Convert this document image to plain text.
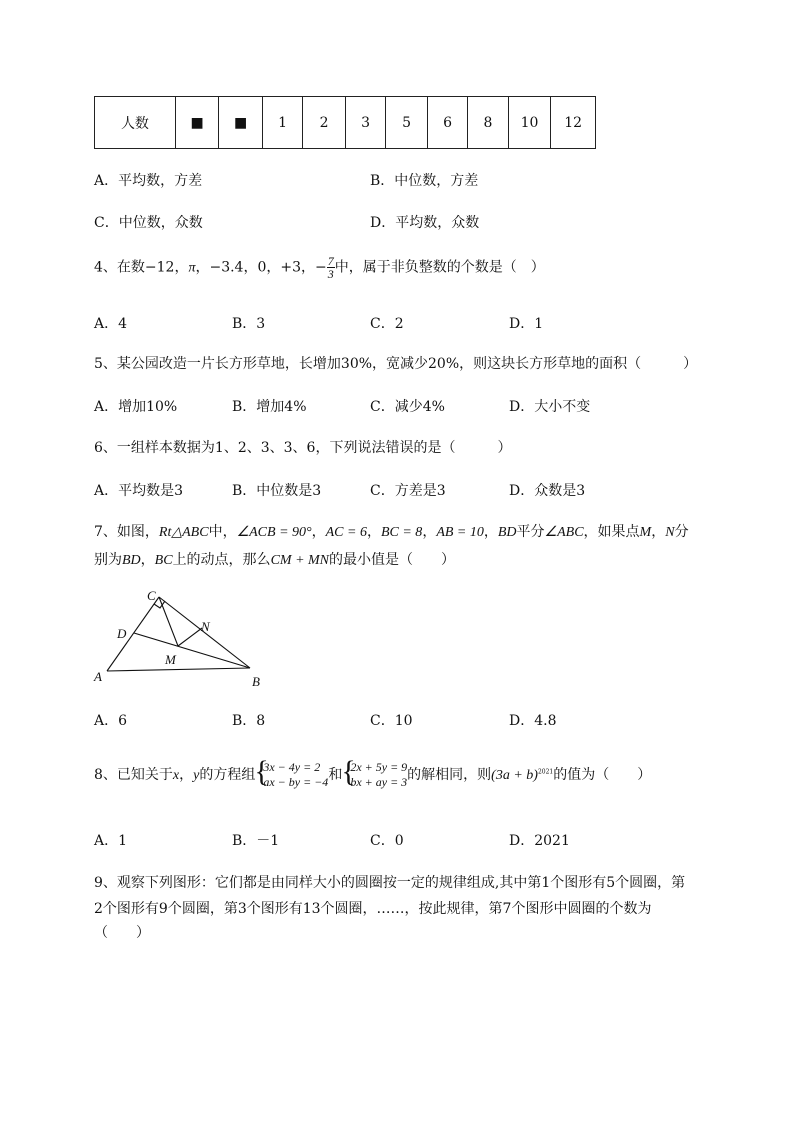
人数	■	■	1	2	3	5	6	8	10	12
A．平均数，方差	B．中位数，方差
C．中位数，众数	D．平均数，众数
4、在数−12，π，−3.4，0，+3，− $\frac{7}{3}$ 中，属于非负整数的个数是（　）
A．4	B．3	C．2	D．1
5、某公园改造一片长方形草地，长增加30%，宽减少20%，则这块长方形草地的面积（　　　）
A．增加10%	B．增加4%	C．减少4%	D．大小不变
6、一组样本数据为1、2、3、3、6，下列说法错误的是（　　　）
A．平均数是3	B．中位数是3	C．方差是3	D．众数是3
7、如图，Rt△ABC中，∠ACB = 90°，AC = 6，BC = 8，AB = 10，BD平分∠ABC，如果点M，N分
别为BD，BC上的动点，那么CM + MN的最小值是（　　）
C
D	N
M
A	B
A．6	B．8	C．10	D．4.8
8、已知关于x，y的方程组 {
3x − 4y = 2
ax − by = −4 和 {
2x + 5y = 9
bx + ay = 3 的解相同，则$(3a + b)^{2021}$的值为（　　）
A．1	B．－1	C．0	D．2021
9、观察下列图形：它们都是由同样大小的圆圈按一定的规律组成,其中第1个图形有5个圆圈，第
2个图形有9个圆圈，第3个图形有13个圆圈，……，按此规律，第7个图形中圆圈的个数为
（　　）
